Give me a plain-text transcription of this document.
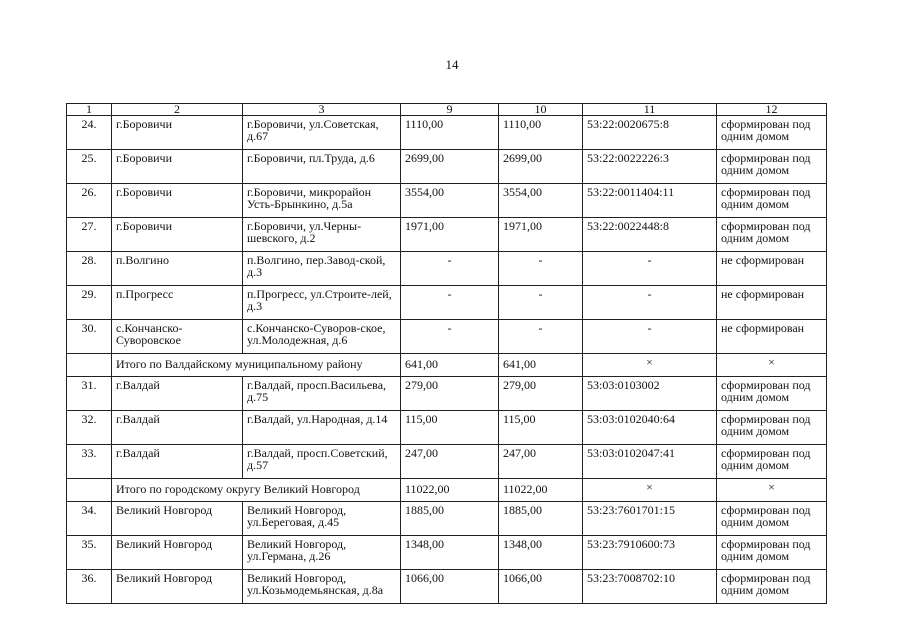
14
1	2	3	9	10	11	12
24.	г.Боровичи	г.Боровичи, ул.Советская, д.67	1110,00	1110,00	53:22:0020675:8	сформирован под одним домом
25.	г.Боровичи	г.Боровичи, пл.Труда, д.6	2699,00	2699,00	53:22:0022226:3	сформирован под одним домом
26.	г.Боровичи	г.Боровичи, микрорайон Усть-Брынкино, д.5а	3554,00	3554,00	53:22:0011404:11	сформирован под одним домом
27.	г.Боровичи	г.Боровичи, ул.Черны-шевского, д.2	1971,00	1971,00	53:22:0022448:8	сформирован под одним домом
28.	п.Волгино	п.Волгино, пер.Завод-ской, д.3	-	-	-	не сформирован
29.	п.Прогресс	п.Прогресс, ул.Строите-лей, д.3	-	-	-	не сформирован
30.	с.Кончанско-Суворовское	с.Кончанско-Суворов-ское, ул.Молодежная, д.6	-	-	-	не сформирован
	Итого по Валдайскому муниципальному району		641,00	641,00	×	×
31.	г.Валдай	г.Валдай, просп.Васильева, д.75	279,00	279,00	53:03:0103002	сформирован под одним домом
32.	г.Валдай	г.Валдай, ул.Народная, д.14	115,00	115,00	53:03:0102040:64	сформирован под одним домом
33.	г.Валдай	г.Валдай, просп.Советский, д.57	247,00	247,00	53:03:0102047:41	сформирован под одним домом
	Итого по городскому округу Великий Новгород		11022,00	11022,00	×	×
34.	Великий Новгород	Великий Новгород, ул.Береговая, д.45	1885,00	1885,00	53:23:7601701:15	сформирован под одним домом
35.	Великий Новгород	Великий Новгород, ул.Германа, д.26	1348,00	1348,00	53:23:7910600:73	сформирован под одним домом
36.	Великий Новгород	Великий Новгород, ул.Козьмодемьянская, д.8а	1066,00	1066,00	53:23:7008702:10	сформирован под одним домом
